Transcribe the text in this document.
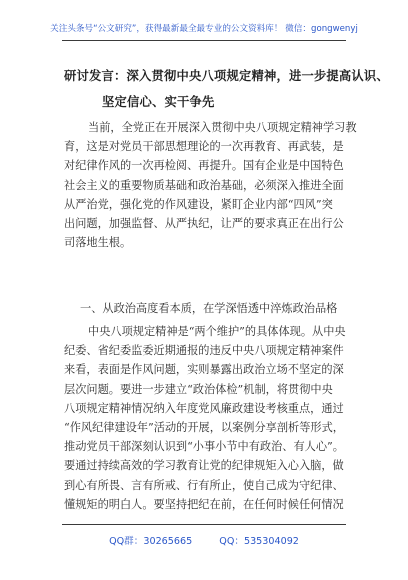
关注头条号“公文研究”，获得最新最全最专业的公文资料库！ 微信：gongwenyj
研讨发言：深入贯彻中央八项规定精神，进一步提高认识、
坚定信心、实干争先
当前，全党正在开展深入贯彻中央八项规定精神学习教
育，这是对党员干部思想理论的一次再教育、再武装，是
对纪律作风的一次再检阅、再提升。国有企业是中国特色
社会主义的重要物质基础和政治基础，必须深入推进全面
从严治党，强化党的作风建设，紧盯企业内部“四风”突
出问题，加强监督、从严执纪，让严的要求真正在出行公
司落地生根。
一、从政治高度看本质，在学深悟透中淬炼政治品格
中央八项规定精神是“两个维护”的具体体现。从中央
纪委、省纪委监委近期通报的违反中央八项规定精神案件
来看，表面是作风问题，实则暴露出政治立场不坚定的深
层次问题。要进一步建立“政治体检”机制，将贯彻中央
八项规定精神情况纳入年度党风廉政建设考核重点，通过
“作风纪律建设年”活动的开展，以案例分享剖析等形式，
推动党员干部深刻认识到“小事小节中有政治、有人心”。
要通过持续高效的学习教育让党的纪律规矩入心入脑，做
到心有所畏、言有所戒、行有所止，使自己成为守纪律、
懂规矩的明白人。要坚持把纪在前，在任何时候任何情况
QQ群：30265665	QQ：535304092
